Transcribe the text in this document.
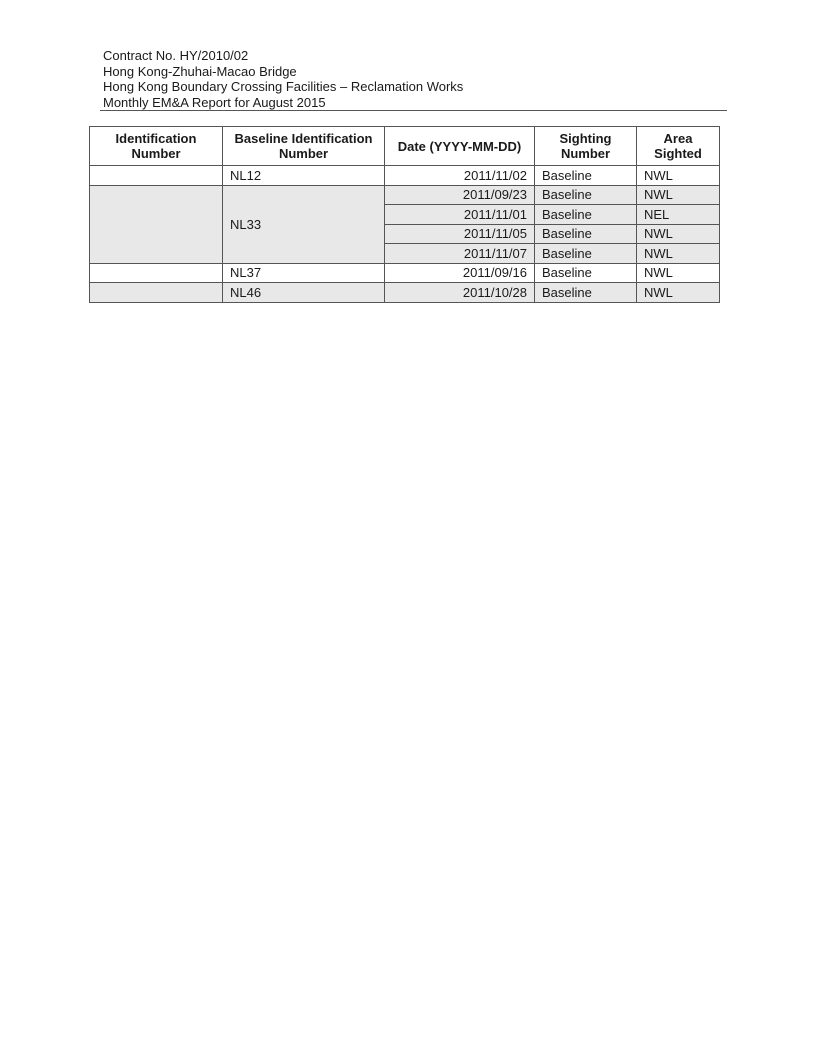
Contract No. HY/2010/02
Hong Kong-Zhuhai-Macao Bridge
Hong Kong Boundary Crossing Facilities – Reclamation Works
Monthly EM&A Report for August 2015
Identification Number	Baseline Identification Number	Date (YYYY-MM-DD)	Sighting Number	Area Sighted
	NL12	2011/11/02	Baseline	NWL
	NL33	2011/09/23	Baseline	NWL
		2011/11/01	Baseline	NEL
		2011/11/05	Baseline	NWL
		2011/11/07	Baseline	NWL
	NL37	2011/09/16	Baseline	NWL
	NL46	2011/10/28	Baseline	NWL
